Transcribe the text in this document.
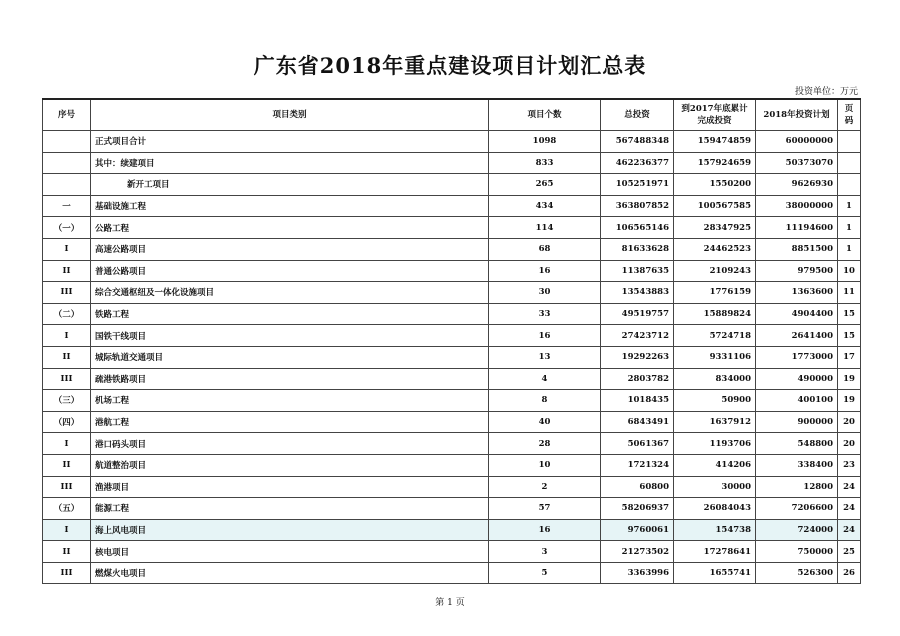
广东省2018年重点建设项目计划汇总表
投资单位：万元
序号	项目类别	项目个数	总投资	到2017年底累计完成投资	2018年投资计划	页码
	正式项目合计	1098	567488348	159474859	60000000	
	其中：续建项目	833	462236377	157924659	50373070	
	新开工项目	265	105251971	1550200	9626930	
一	基础设施工程	434	363807852	100567585	38000000	1
（一）	公路工程	114	106565146	28347925	11194600	1
I	高速公路项目	68	81633628	24462523	8851500	1
II	普通公路项目	16	11387635	2109243	979500	10
III	综合交通枢纽及一体化设施项目	30	13543883	1776159	1363600	11
（二）	铁路工程	33	49519757	15889824	4904400	15
I	国铁干线项目	16	27423712	5724718	2641400	15
II	城际轨道交通项目	13	19292263	9331106	1773000	17
III	疏港铁路项目	4	2803782	834000	490000	19
（三）	机场工程	8	1018435	50900	400100	19
（四）	港航工程	40	6843491	1637912	900000	20
I	港口码头项目	28	5061367	1193706	548800	20
II	航道整治项目	10	1721324	414206	338400	23
III	渔港项目	2	60800	30000	12800	24
（五）	能源工程	57	58206937	26084043	7206600	24
I	海上风电项目	16	9760061	154738	724000	24
II	核电项目	3	21273502	17278641	750000	25
III	燃煤火电项目	5	3363996	1655741	526300	26
第 1 页
